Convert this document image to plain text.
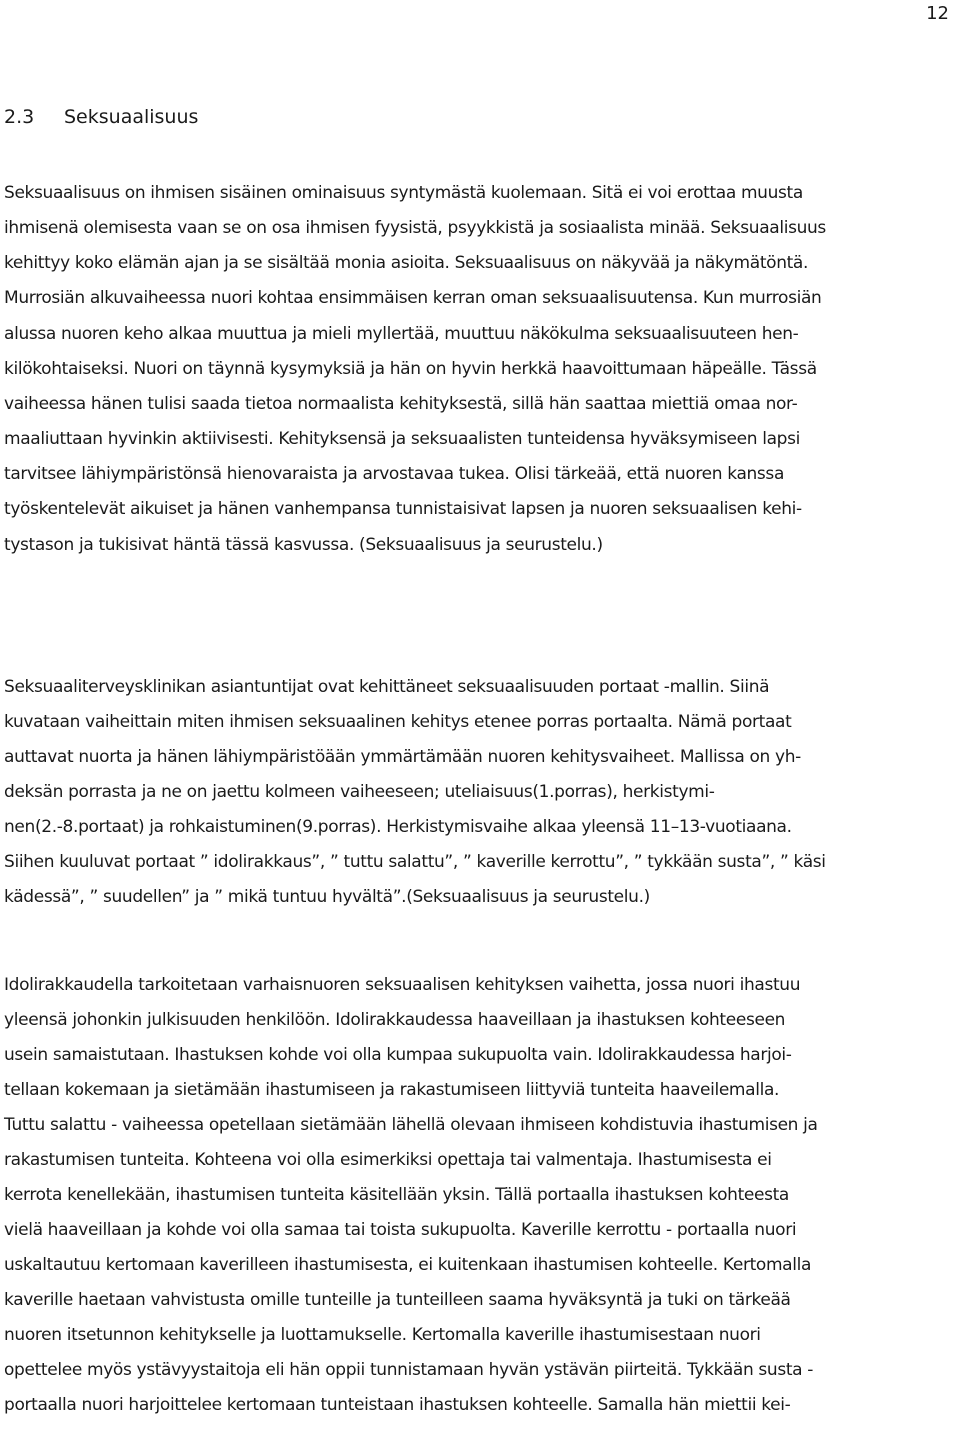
12
2.3 Seksuaalisuus
Seksuaalisuus on ihmisen sisäinen ominaisuus syntymästä kuolemaan. Sitä ei voi erottaa muusta
ihmisenä olemisesta vaan se on osa ihmisen fyysistä, psyykkistä ja sosiaalista minää. Seksuaalisuus
kehittyy koko elämän ajan ja se sisältää monia asioita. Seksuaalisuus on näkyvää ja näkymätöntä.
Murrosiän alkuvaiheessa nuori kohtaa ensimmäisen kerran oman seksuaalisuutensa. Kun murrosiän
alussa nuoren keho alkaa muuttua ja mieli myllertää, muuttuu näkökulma seksuaalisuuteen hen-
kilökohtaiseksi. Nuori on täynnä kysymyksiä ja hän on hyvin herkkä haavoittumaan häpeälle. Tässä
vaiheessa hänen tulisi saada tietoa normaalista kehityksestä, sillä hän saattaa miettiä omaa nor-
maaliuttaan hyvinkin aktiivisesti. Kehityksensä ja seksuaalisten tunteidensa hyväksymiseen lapsi
tarvitsee lähiympäristönsä hienovaraista ja arvostavaa tukea. Olisi tärkeää, että nuoren kanssa
työskentelevät aikuiset ja hänen vanhempansa tunnistaisivat lapsen ja nuoren seksuaalisen kehi-
tystason ja tukisivat häntä tässä kasvussa. (Seksuaalisuus ja seurustelu.)
Seksuaaliterveysklinikan asiantuntijat ovat kehittäneet seksuaalisuuden portaat -mallin. Siinä
kuvataan vaiheittain miten ihmisen seksuaalinen kehitys etenee porras portaalta. Nämä portaat
auttavat nuorta ja hänen lähiympäristöään ymmärtämään nuoren kehitysvaiheet. Mallissa on yh-
deksän porrasta ja ne on jaettu kolmeen vaiheeseen; uteliaisuus(1.porras), herkistymi-
nen(2.-8.portaat) ja rohkaistuminen(9.porras). Herkistymisvaihe alkaa yleensä 11–13-vuotiaana.
Siihen kuuluvat portaat ” idolirakkaus”, ” tuttu salattu”, ” kaverille kerrottu”, ” tykkään susta”, ” käsi
kädessä”, ” suudellen” ja ” mikä tuntuu hyvältä”.(Seksuaalisuus ja seurustelu.)
Idolirakkaudella tarkoitetaan varhaisnuoren seksuaalisen kehityksen vaihetta, jossa nuori ihastuu
yleensä johonkin julkisuuden henkilöön. Idolirakkaudessa haaveillaan ja ihastuksen kohteeseen
usein samaistutaan. Ihastuksen kohde voi olla kumpaa sukupuolta vain. Idolirakkaudessa harjoi-
tellaan kokemaan ja sietämään ihastumiseen ja rakastumiseen liittyviä tunteita haaveilemalla.
Tuttu salattu - vaiheessa opetellaan sietämään lähellä olevaan ihmiseen kohdistuvia ihastumisen ja
rakastumisen tunteita. Kohteena voi olla esimerkiksi opettaja tai valmentaja. Ihastumisesta ei
kerrota kenellekään, ihastumisen tunteita käsitellään yksin. Tällä portaalla ihastuksen kohteesta
vielä haaveillaan ja kohde voi olla samaa tai toista sukupuolta. Kaverille kerrottu - portaalla nuori
uskaltautuu kertomaan kaverilleen ihastumisesta, ei kuitenkaan ihastumisen kohteelle. Kertomalla
kaverille haetaan vahvistusta omille tunteille ja tunteilleen saama hyväksyntä ja tuki on tärkeää
nuoren itsetunnon kehitykselle ja luottamukselle. Kertomalla kaverille ihastumisestaan nuori
opettelee myös ystävyystaitoja eli hän oppii tunnistamaan hyvän ystävän piirteitä. Tykkään susta -
portaalla nuori harjoittelee kertomaan tunteistaan ihastuksen kohteelle. Samalla hän miettii kei-
